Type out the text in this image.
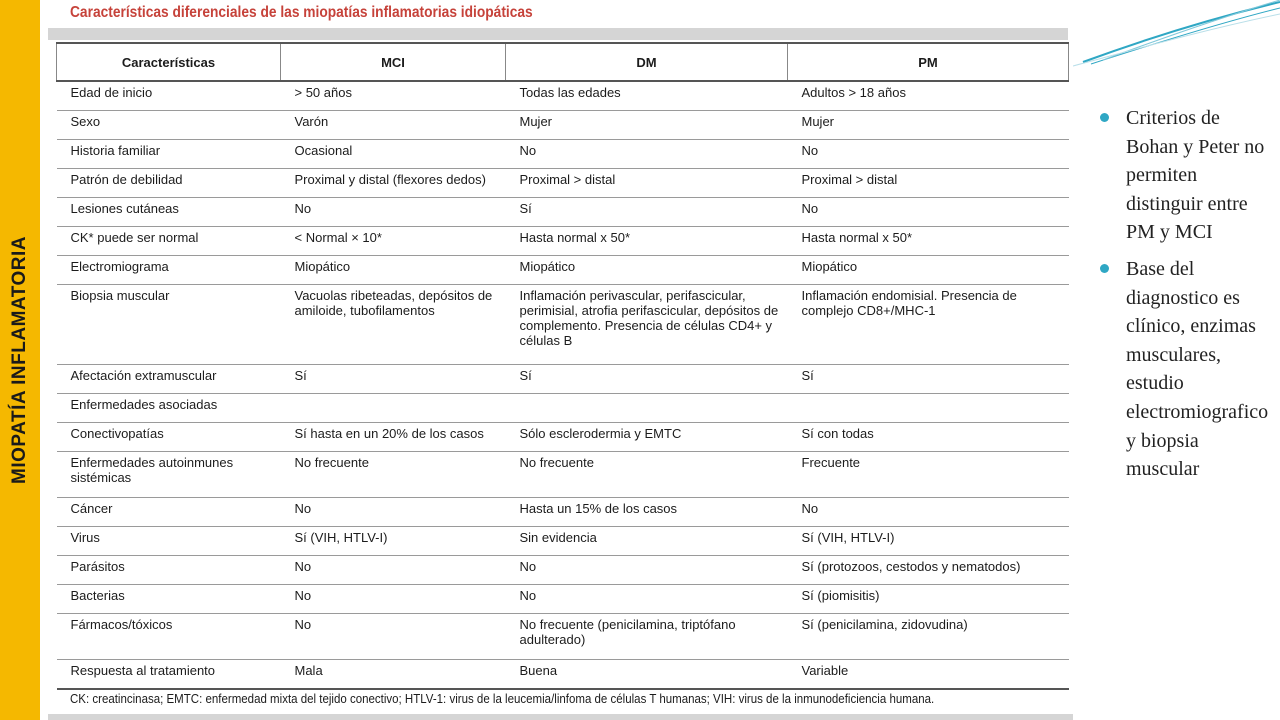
MIOPATÍA INFLAMATORIA
Características diferenciales de las miopatías inflamatorias idiopáticas
Características	MCI	DM	PM
Edad de inicio	> 50 años	Todas las edades	Adultos > 18 años
Sexo	Varón	Mujer	Mujer
Historia familiar	Ocasional	No	No
Patrón de debilidad	Proximal y distal (flexores dedos)	Proximal > distal	Proximal > distal
Lesiones cutáneas	No	Sí	No
CK* puede ser normal	< Normal × 10*	Hasta normal x 50*	Hasta normal x 50*
Electromiograma	Miopático	Miopático	Miopático
Biopsia muscular	Vacuolas ribeteadas, depósitos de amiloide, tubofilamentos	Inflamación perivascular, perifascicular, perimisial, atrofia perifascicular, depósitos de complemento. Presencia de células CD4+ y células B	Inflamación endomisial. Presencia de complejo CD8+/MHC-1
Afectación extramuscular	Sí	Sí	Sí
Enfermedades asociadas			
Conectivopatías	Sí hasta en un 20% de los casos	Sólo esclerodermia y EMTC	Sí con todas
Enfermedades autoinmunes sistémicas	No frecuente	No frecuente	Frecuente
Cáncer	No	Hasta un 15% de los casos	No
Virus	Sí (VIH, HTLV-I)	Sin evidencia	Sí (VIH, HTLV-I)
Parásitos	No	No	Sí (protozoos, cestodos y nematodos)
Bacterias	No	No	Sí (piomisitis)
Fármacos/tóxicos	No	No frecuente (penicilamina, triptófano adulterado)	Sí (penicilamina, zidovudina)
Respuesta al tratamiento	Mala	Buena	Variable
CK: creatincinasa; EMTC: enfermedad mixta del tejido conectivo; HTLV-1: virus de la leucemia/linfoma de células T humanas; VIH: virus de la inmunodeficiencia humana.
Criterios de Bohan y Peter no permiten distinguir entre PM y MCI
Base del diagnostico es clínico, enzimas musculares, estudio electromiografico y biopsia muscular
